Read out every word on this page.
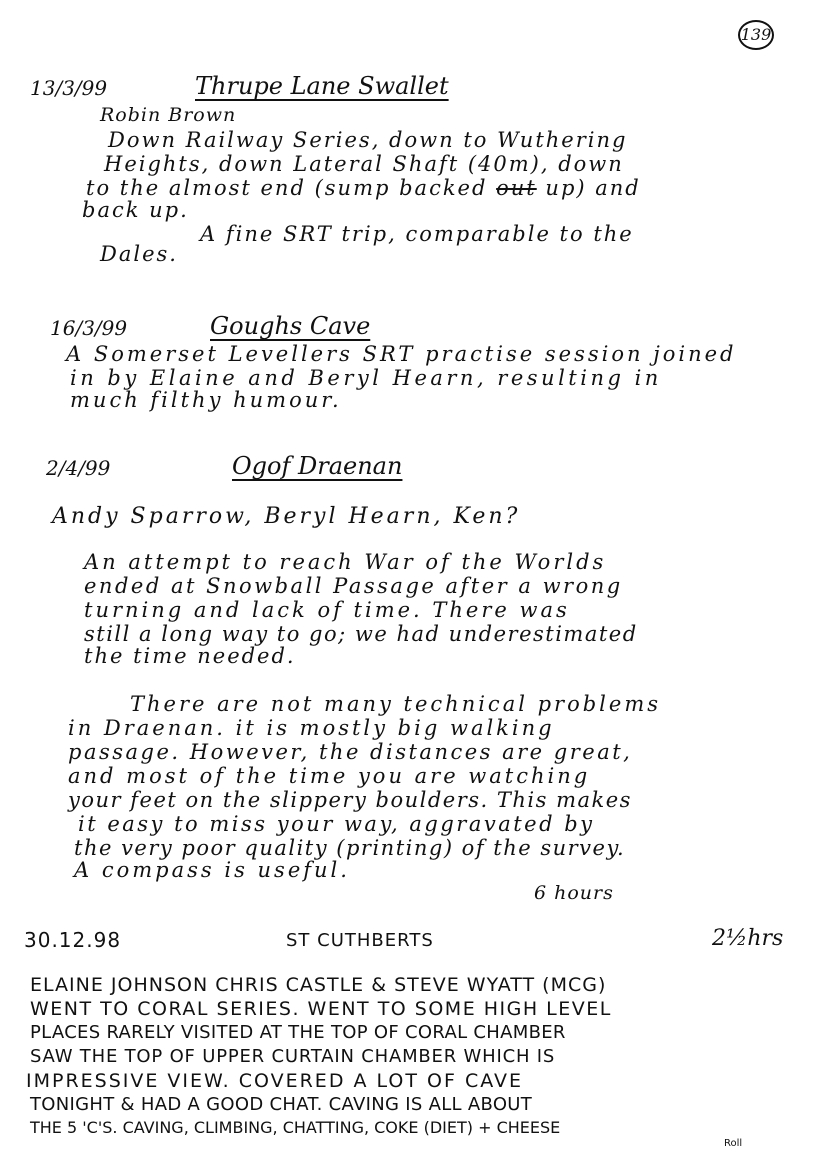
139
13/3/99	Thrupe Lane Swallet
Robin Brown
Down Railway Series, down to Wuthering
Heights, down Lateral Shaft (40m), down
to the almost end (sump backed out up) and
back up.
A fine SRT trip, comparable to the
Dales.
16/3/99	Goughs Cave
A Somerset Levellers SRT practise session joined
in by Elaine and Beryl Hearn, resulting in
much filthy humour.
2/4/99	Ogof Draenan
Andy Sparrow, Beryl Hearn, Ken?
An attempt to reach War of the Worlds
ended at Snowball Passage after a wrong
turning and lack of time. There was
still a long way to go; we had underestimated
the time needed.
There are not many technical problems
in Draenan. it is mostly big walking
passage. However, the distances are great,
and most of the time you are watching
your feet on the slippery boulders. This makes
it easy to miss your way, aggravated by
the very poor quality (printing) of the survey.
A compass is useful.
6 hours
30.12.98	ST CUTHBERTS	2½hrs
ELAINE JOHNSON CHRIS CASTLE & STEVE WYATT (MCG)
WENT TO CORAL SERIES. WENT TO SOME HIGH LEVEL
PLACES RARELY VISITED AT THE TOP OF CORAL CHAMBER
SAW THE TOP OF UPPER CURTAIN CHAMBER WHICH IS
IMPRESSIVE VIEW. COVERED A LOT OF CAVE
TONIGHT & HAD A GOOD CHAT. CAVING IS ALL ABOUT
THE 5 'C'S. CAVING, CLIMBING, CHATTING, COKE (DIET) + CHEESE
Roll
